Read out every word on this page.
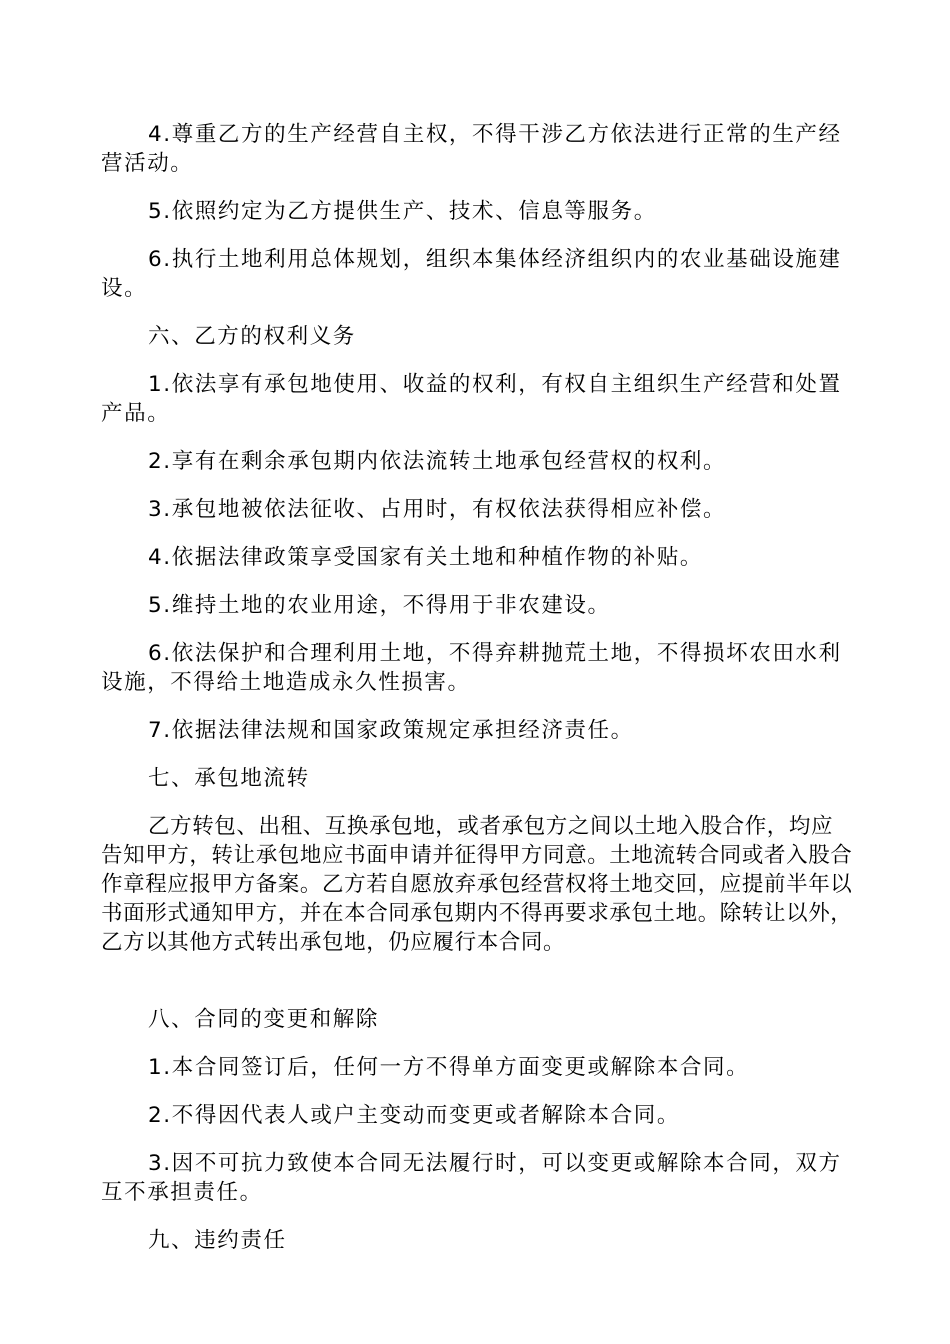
4.尊重乙方的生产经营自主权，不得干涉乙方依法进行正常的生产经营活动。

5.依照约定为乙方提供生产、技术、信息等服务。

6.执行土地利用总体规划，组织本集体经济组织内的农业基础设施建设。

六、乙方的权利义务

1.依法享有承包地使用、收益的权利，有权自主组织生产经营和处置产品。

2.享有在剩余承包期内依法流转土地承包经营权的权利。

3.承包地被依法征收、占用时，有权依法获得相应补偿。

4.依据法律政策享受国家有关土地和种植作物的补贴。

5.维持土地的农业用途，不得用于非农建设。

6.依法保护和合理利用土地，不得弃耕抛荒土地，不得损坏农田水利设施，不得给土地造成永久性损害。

7.依据法律法规和国家政策规定承担经济责任。

七、承包地流转

乙方转包、出租、互换承包地，或者承包方之间以土地入股合作，均应告知甲方，转让承包地应书面申请并征得甲方同意。土地流转合同或者入股合作章程应报甲方备案。乙方若自愿放弃承包经营权将土地交回，应提前半年以书面形式通知甲方，并在本合同承包期内不得再要求承包土地。除转让以外，乙方以其他方式转出承包地，仍应履行本合同。

八、合同的变更和解除

1.本合同签订后，任何一方不得单方面变更或解除本合同。

2.不得因代表人或户主变动而变更或者解除本合同。

3.因不可抗力致使本合同无法履行时，可以变更或解除本合同，双方互不承担责任。

九、违约责任
